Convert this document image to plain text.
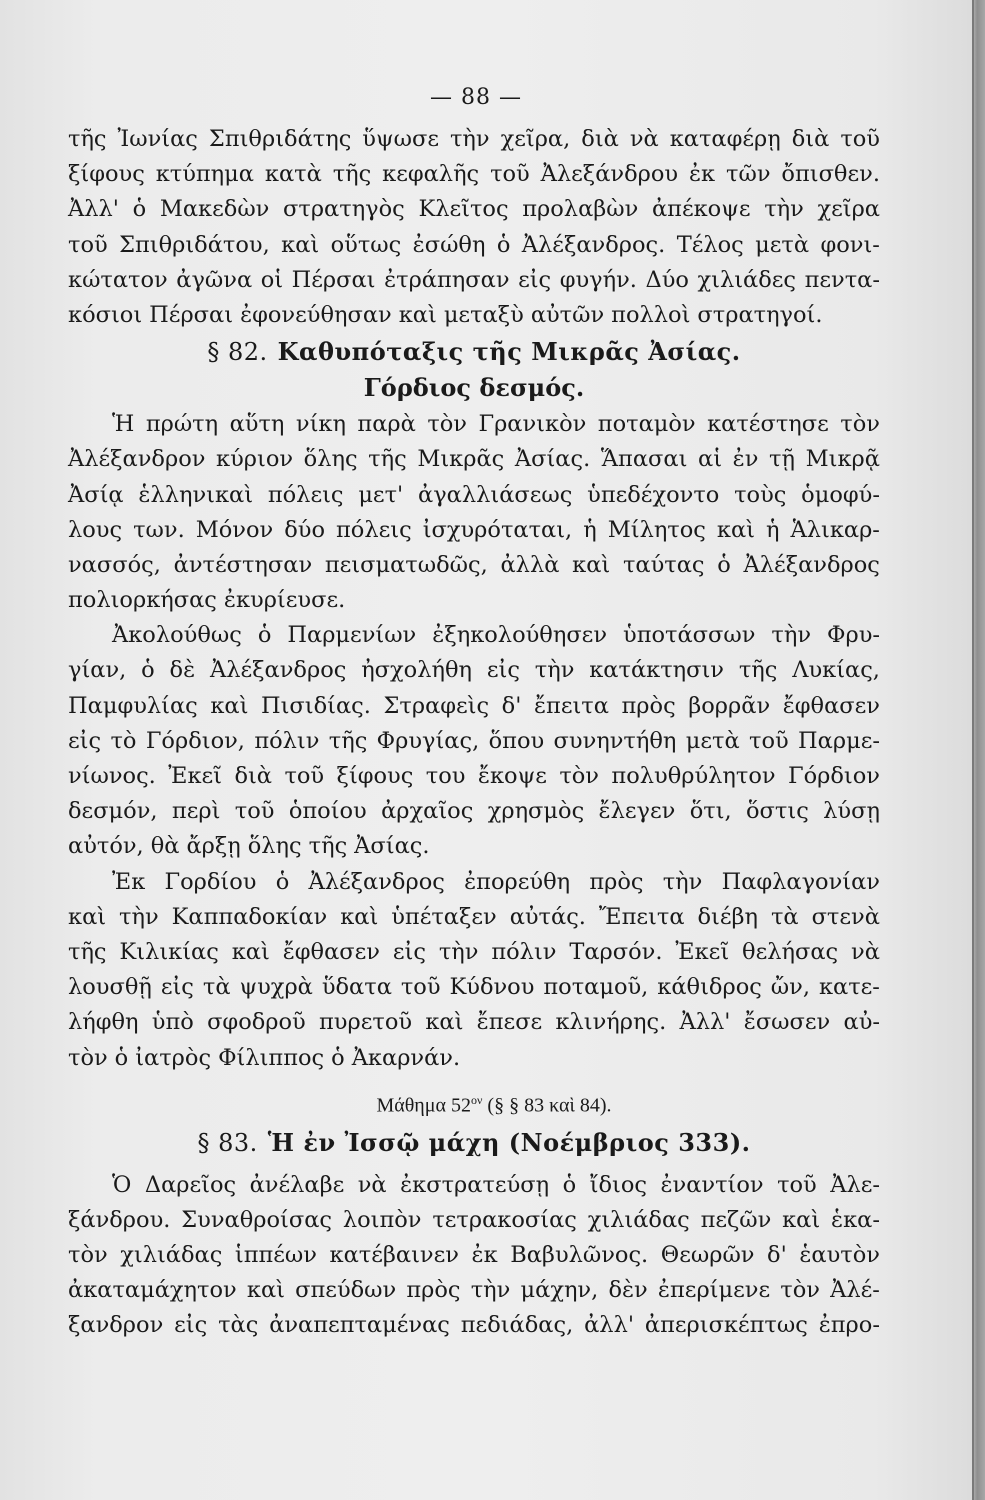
— 88 —
τῆς Ἰωνίας Σπιθριδάτης ὕψωσε τὴν χεῖρα, διὰ νὰ καταφέρῃ διὰ τοῦ
ξίφους κτύπημα κατὰ τῆς κεφαλῆς τοῦ Ἀλεξάνδρου ἐκ τῶν ὄπισθεν.
Ἀλλ' ὁ Μακεδὼν στρατηγὸς Κλεῖτος προλαβὼν ἀπέκοψε τὴν χεῖρα
τοῦ Σπιθριδάτου, καὶ οὕτως ἐσώθη ὁ Ἀλέξανδρος. Τέλος μετὰ φονι-
κώτατον ἀγῶνα οἱ Πέρσαι ἐτράπησαν εἰς φυγήν. Δύο χιλιάδες πεντα-
κόσιοι Πέρσαι ἐφονεύθησαν καὶ μεταξὺ αὐτῶν πολλοὶ στρατηγοί.
§ 82. Καθυπόταξις τῆς Μικρᾶς Ἀσίας.
Γόρδιος δεσμός.
Ἡ πρώτη αὕτη νίκη παρὰ τὸν Γρανικὸν ποταμὸν κατέστησε τὸν
Ἀλέξανδρον κύριον ὅλης τῆς Μικρᾶς Ἀσίας. Ἅπασαι αἱ ἐν τῇ Μικρᾷ
Ἀσίᾳ ἑλληνικαὶ πόλεις μετ' ἀγαλλιάσεως ὑπεδέχοντο τοὺς ὁμοφύ-
λους των. Μόνον δύο πόλεις ἰσχυρόταται, ἡ Μίλητος καὶ ἡ Ἁλικαρ-
νασσός, ἀντέστησαν πεισματωδῶς, ἀλλὰ καὶ ταύτας ὁ Ἀλέξανδρος
πολιορκήσας ἐκυρίευσε.
Ἀκολούθως ὁ Παρμενίων ἐξηκολούθησεν ὑποτάσσων τὴν Φρυ-
γίαν, ὁ δὲ Ἀλέξανδρος ἠσχολήθη εἰς τὴν κατάκτησιν τῆς Λυκίας,
Παμφυλίας καὶ Πισιδίας. Στραφεὶς δ' ἔπειτα πρὸς βορρᾶν ἔφθασεν
εἰς τὸ Γόρδιον, πόλιν τῆς Φρυγίας, ὅπου συνηντήθη μετὰ τοῦ Παρμε-
νίωνος. Ἐκεῖ διὰ τοῦ ξίφους του ἔκοψε τὸν πολυθρύλητον Γόρδιον
δεσμόν, περὶ τοῦ ὁποίου ἀρχαῖος χρησμὸς ἔλεγεν ὅτι, ὅστις λύσῃ
αὐτόν, θὰ ἄρξῃ ὅλης τῆς Ἀσίας.
Ἐκ Γορδίου ὁ Ἀλέξανδρος ἐπορεύθη πρὸς τὴν Παφλαγονίαν
καὶ τὴν Καππαδοκίαν καὶ ὑπέταξεν αὐτάς. Ἔπειτα διέβη τὰ στενὰ
τῆς Κιλικίας καὶ ἔφθασεν εἰς τὴν πόλιν Ταρσόν. Ἐκεῖ θελήσας νὰ
λουσθῇ εἰς τὰ ψυχρὰ ὕδατα τοῦ Κύδνου ποταμοῦ, κάθιδρος ὤν, κατε-
λήφθη ὑπὸ σφοδροῦ πυρετοῦ καὶ ἔπεσε κλινήρης. Ἀλλ' ἔσωσεν αὐ-
τὸν ὁ ἰατρὸς Φίλιππος ὁ Ἀκαρνάν.
Μάθημα $52^{o\nu}$ (§ § 83 καὶ 84).
§ 83. Ἡ ἐν Ἰσσῷ μάχη (Νοέμβριος 333).
Ὁ Δαρεῖος ἀνέλαβε νὰ ἐκστρατεύσῃ ὁ ἴδιος ἐναντίον τοῦ Ἀλε-
ξάνδρου. Συναθροίσας λοιπὸν τετρακοσίας χιλιάδας πεζῶν καὶ ἑκα-
τὸν χιλιάδας ἱππέων κατέβαινεν ἐκ Βαβυλῶνος. Θεωρῶν δ' ἑαυτὸν
ἀκαταμάχητον καὶ σπεύδων πρὸς τὴν μάχην, δὲν ἐπερίμενε τὸν Ἀλέ-
ξανδρον εἰς τὰς ἀναπεπταμένας πεδιάδας, ἀλλ' ἀπερισκέπτως ἐπρο-
